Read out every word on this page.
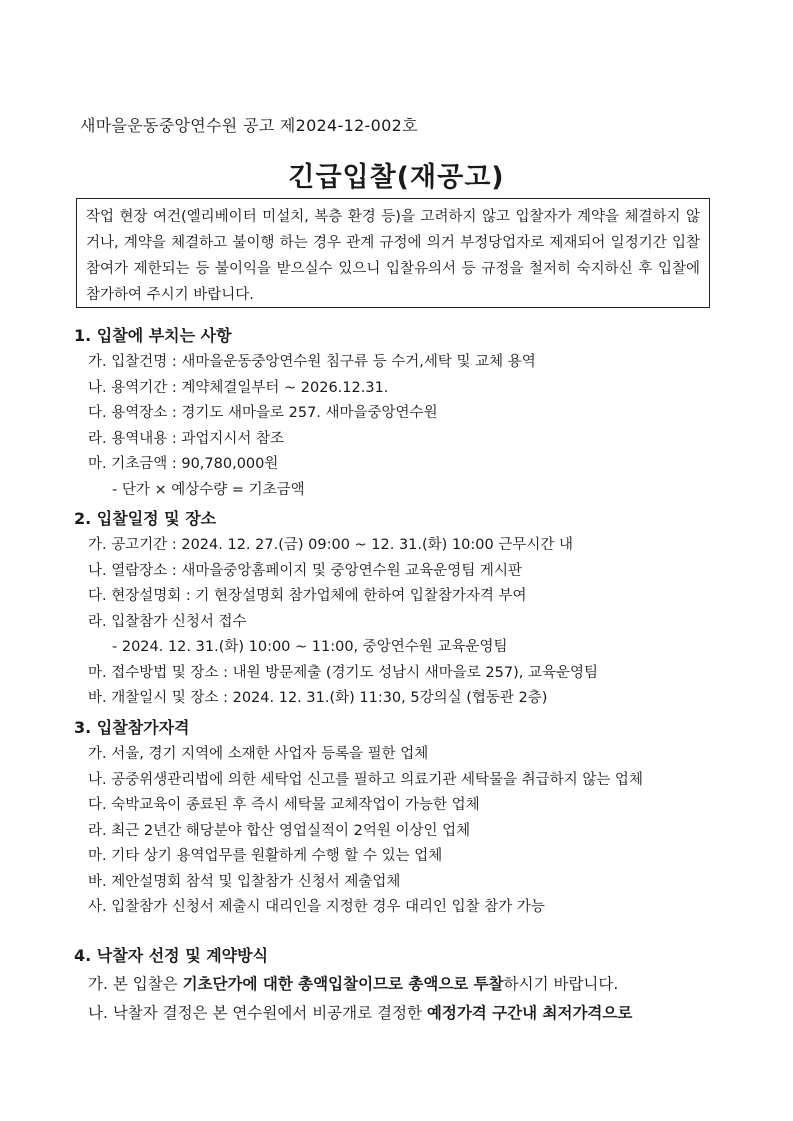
새마을운동중앙연수원 공고 제2024-12-002호
긴급입찰(재공고)
작업 현장 여건(엘리베이터 미설치, 복층 환경 등)을 고려하지 않고 입찰자가 계약을 체결하지 않거나, 계약을 체결하고 불이행 하는 경우 관계 규정에 의거 부정당업자로 제재되어 일정기간 입찰참여가 제한되는 등 불이익을 받으실수 있으니 입찰유의서 등 규정을 철저히 숙지하신 후 입찰에 참가하여 주시기 바랍니다.
1. 입찰에 부치는 사항
가. 입찰건명 : 새마을운동중앙연수원 침구류 등 수거,세탁 및 교체 용역
나. 용역기간 : 계약체결일부터 ~ 2026.12.31.
다. 용역장소 : 경기도 새마을로 257. 새마을중앙연수원
라. 용역내용 : 과업지시서 참조
마. 기초금액 : 90,780,000원
- 단가 × 예상수량 = 기초금액
2. 입찰일정 및 장소
가. 공고기간 : 2024. 12. 27.(금) 09:00 ~ 12. 31.(화) 10:00 근무시간 내
나. 열람장소 : 새마을중앙홈페이지 및 중앙연수원 교육운영팀 게시판
다. 현장설명회 : 기 현장설명회 참가업체에 한하여 입찰참가자격 부여
라. 입찰참가 신청서 접수
- 2024. 12. 31.(화) 10:00 ~ 11:00, 중앙연수원 교육운영팀
마. 접수방법 및 장소 : 내원 방문제출 (경기도 성남시 새마을로 257), 교육운영팀
바. 개찰일시 및 장소 : 2024. 12. 31.(화) 11:30, 5강의실 (협동관 2층)
3. 입찰참가자격
가. 서울, 경기 지역에 소재한 사업자 등록을 필한 업체
나. 공중위생관리법에 의한 세탁업 신고를 필하고 의료기관 세탁물을 취급하지 않는 업체
다. 숙박교육이 종료된 후 즉시 세탁물 교체작업이 가능한 업체
라. 최근 2년간 해당분야 합산 영업실적이 2억원 이상인 업체
마. 기타 상기 용역업무를 원활하게 수행 할 수 있는 업체
바. 제안설명회 참석 및 입찰참가 신청서 제출업체
사. 입찰참가 신청서 제출시 대리인을 지정한 경우 대리인 입찰 참가 가능
4. 낙찰자 선정 및 계약방식
가. 본 입찰은 기초단가에 대한 총액입찰이므로 총액으로 투찰하시기 바랍니다.
나. 낙찰자 결정은 본 연수원에서 비공개로 결정한 예정가격 구간내 최저가격으로
